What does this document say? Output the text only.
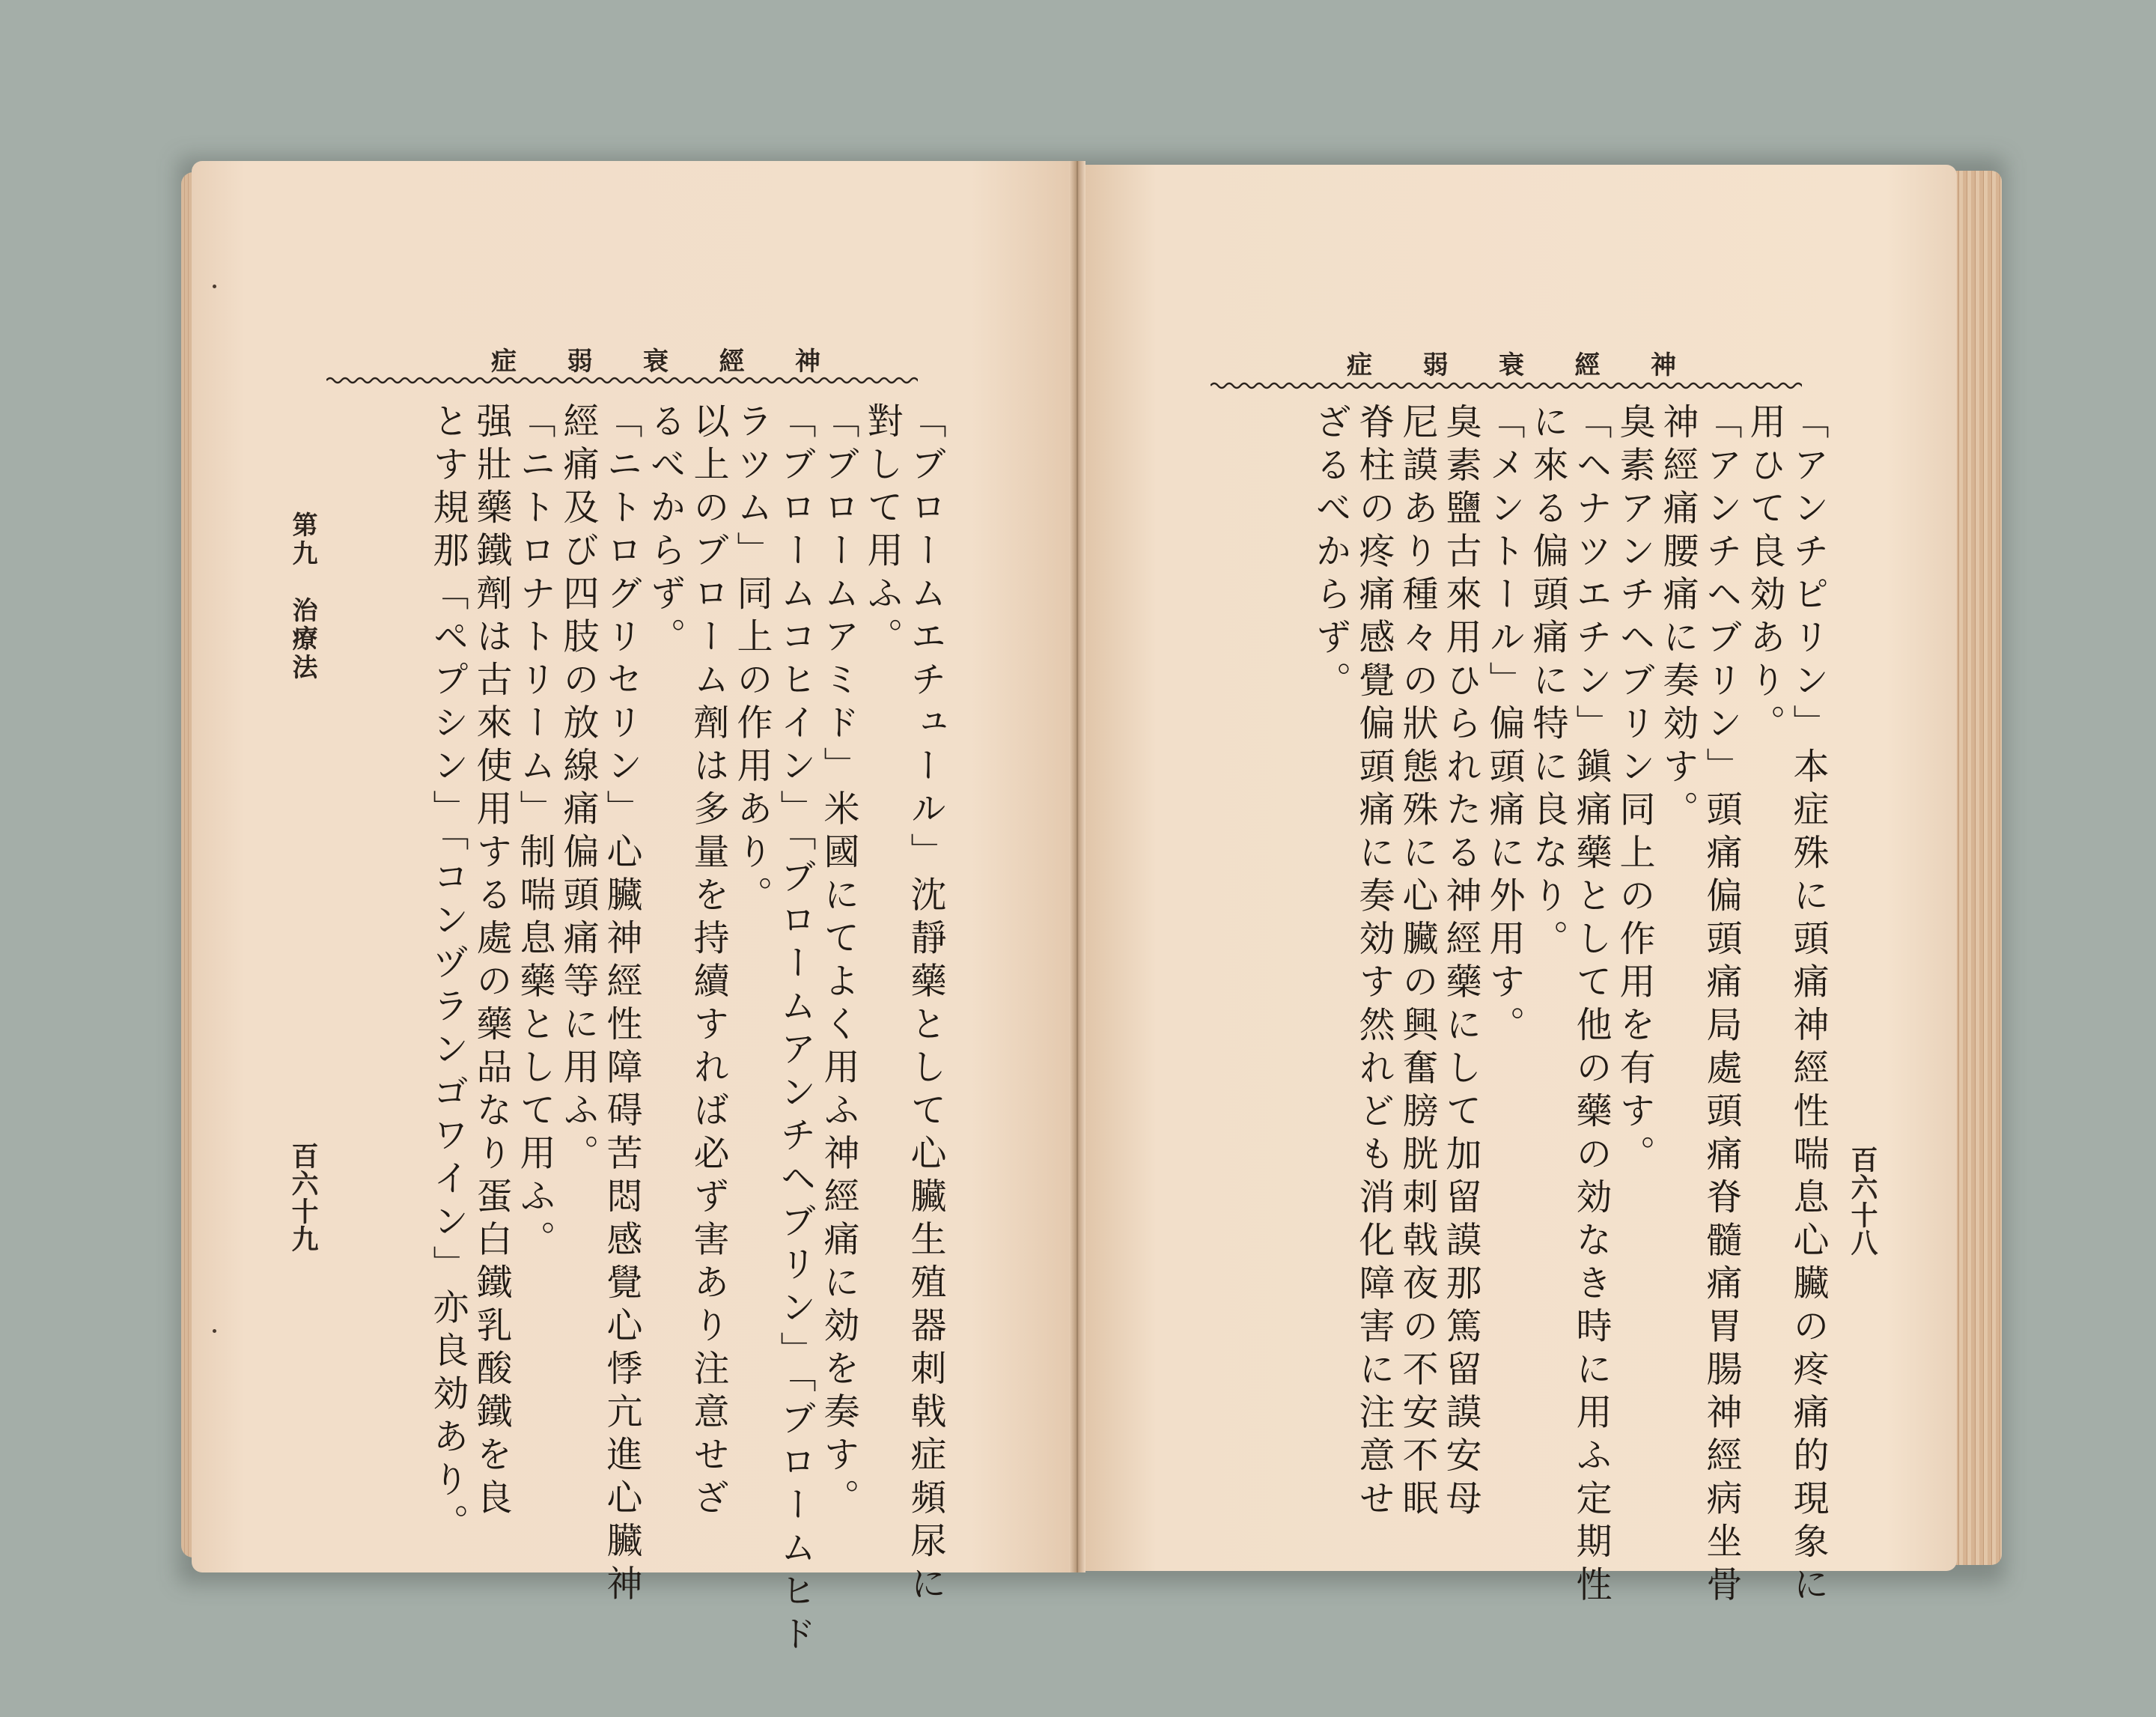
症 弱 衰 經 神
「ブロームエチュール」沈靜藥として心臟生殖器刺戟症頻尿に
對して用ふ。
「ブロームアミド」米國にてよく用ふ神經痛に効を奏す。
「ブロームコヒイン」「ブロームアンチヘブリン」「ブロームヒド
ラツム」同上の作用あり。
以上のブローム劑は多量を持續すれば必ず害あり注意せざ
るべからず。
「ニトログリセリン」心臟神經性障碍苦悶感覺心悸亢進心臟神
經痛及び四肢の放線痛偏頭痛等に用ふ。
「ニトロナトリーム」制喘息藥として用ふ。
强壯藥鐵劑は古來使用する處の藥品なり蛋白鐵乳酸鐵を良
とす規那「ペプシン」「コンヅランゴワイン」亦良効あり。
第九　治療法
百六十九
症 弱 衰 經 神
「アンチピリン」本症殊に頭痛神經性喘息心臟の疼痛的現象に
用ひて良効あり。
「アンチヘブリン」頭痛偏頭痛局處頭痛脊髓痛胃腸神經病坐骨
神經痛腰痛に奏効す。
臭素アンチヘブリン同上の作用を有す。
「ヘナツエチン」鎭痛藥として他の藥の効なき時に用ふ定期性
に來る偏頭痛に特に良なり。
「メントール」偏頭痛に外用す。
臭素鹽古來用ひられたる神經藥にして加留謨那篤留謨安母
尼謨あり種々の狀態殊に心臟の興奮膀胱刺戟夜の不安不眠
脊柱の疼痛感覺偏頭痛に奏効す然れども消化障害に注意せ
ざるべからず。
百六十八
